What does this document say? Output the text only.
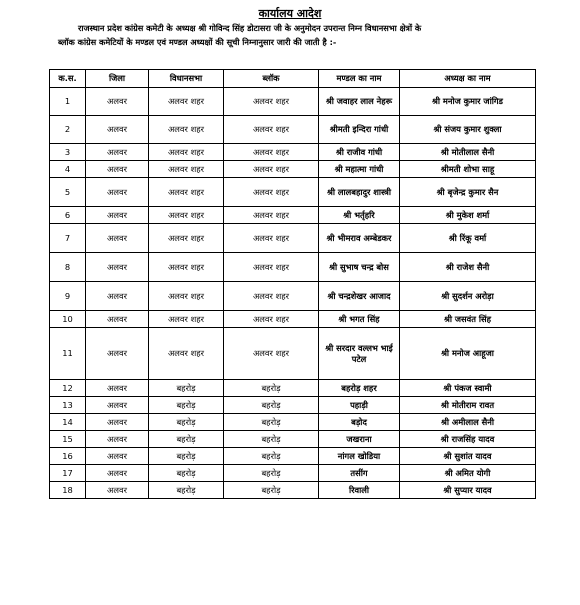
कार्यालय आदेश
राजस्थान प्रदेश कांग्रेस कमेटी के अध्यक्ष श्री गोविन्द सिंह डोटासरा जी के अनुमोदन उपरान्त निम्न विधानसभा क्षेत्रों के
ब्लॉक कांग्रेस कमेटियों के मण्डल एवं मण्डल अध्यक्षों की सूची निम्नानुसार जारी की जाती है :-
क.स.	जिला	विधानसभा	ब्लॉक	मण्डल का नाम	अध्यक्ष का नाम
1	अलवर	अलवर शहर	अलवर शहर	श्री जवाहर लाल नेहरू	श्री मनोज कुमार जांगिड
2	अलवर	अलवर शहर	अलवर शहर	श्रीमती इन्दिरा गांधी	श्री संजय कुमार शुक्ला
3	अलवर	अलवर शहर	अलवर शहर	श्री राजीव गांधी	श्री मोतीलाल सैनी
4	अलवर	अलवर शहर	अलवर शहर	श्री महात्मा गांधी	श्रीमती शोभा साहू
5	अलवर	अलवर शहर	अलवर शहर	श्री लालबहादुर शास्त्री	श्री बृजेन्द्र कुमार सैन
6	अलवर	अलवर शहर	अलवर शहर	श्री भर्तृहरि	श्री मुकेश शर्मा
7	अलवर	अलवर शहर	अलवर शहर	श्री भीमराव अम्बेडकर	श्री रिंकू वर्मा
8	अलवर	अलवर शहर	अलवर शहर	श्री सुभाष चन्द्र बोस	श्री राजेश सैनी
9	अलवर	अलवर शहर	अलवर शहर	श्री चन्द्रशेखर आजाद	श्री सुदर्शन अरोड़ा
10	अलवर	अलवर शहर	अलवर शहर	श्री भगत सिंह	श्री जसवंत सिंह
11	अलवर	अलवर शहर	अलवर शहर	श्री सरदार वल्लभ भाई पटेल	श्री मनोज आहूजा
12	अलवर	बहरोड़	बहरोड़	बहरोड़ शहर	श्री पंकज स्वामी
13	अलवर	बहरोड़	बहरोड़	पहाड़ी	श्री मोतीराम रावत
14	अलवर	बहरोड़	बहरोड़	बड़ोद	श्री अमीलाल सैनी
15	अलवर	बहरोड़	बहरोड़	जखराना	श्री राजसिंह यादव
16	अलवर	बहरोड़	बहरोड़	नांगल खोडिया	श्री सुशांत यादव
17	अलवर	बहरोड़	बहरोड़	तसींग	श्री अमित योगी
18	अलवर	बहरोड़	बहरोड़	रिवाली	श्री सुप्यार यादव
